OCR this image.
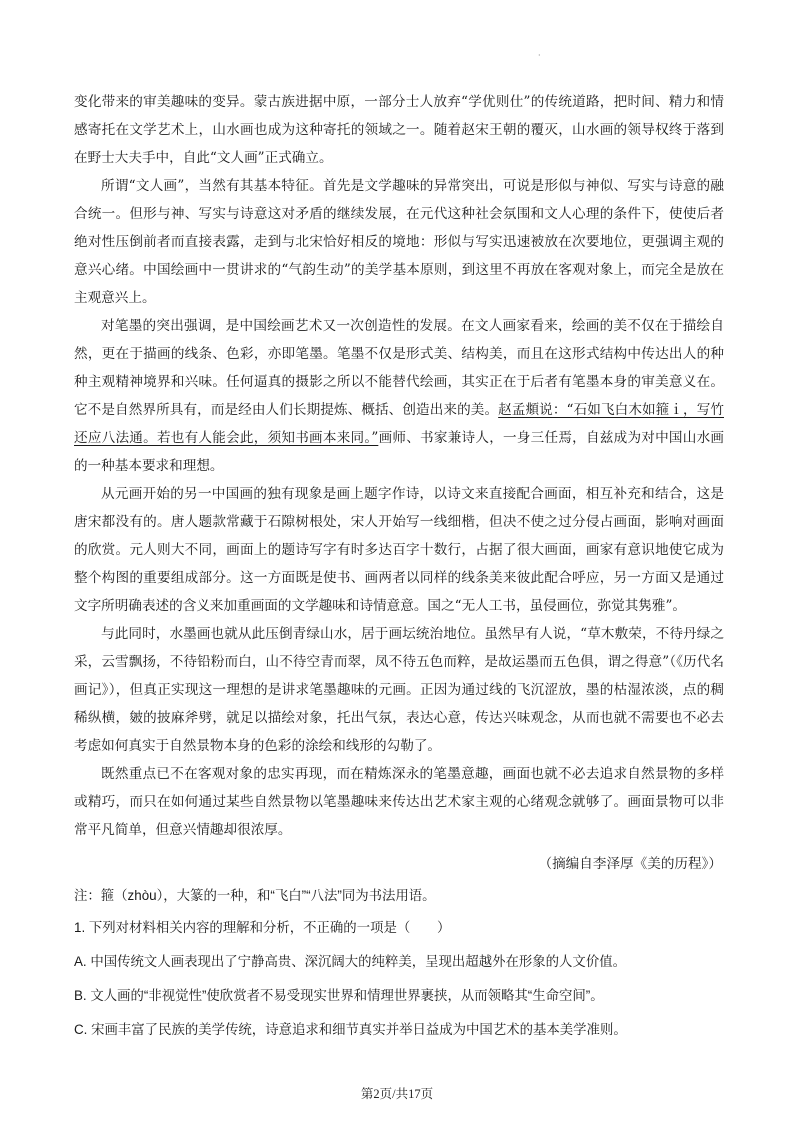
·

变化带来的审美趣味的变异。蒙古族进据中原，一部分士人放弃“学优则仕”的传统道路，把时间、精力和情感寄托在文学艺术上，山水画也成为这种寄托的领域之一。随着赵宋王朝的覆灭，山水画的领导权终于落到在野士大夫手中，自此“文人画”正式确立。

所谓“文人画”，当然有其基本特征。首先是文学趣味的异常突出，可说是形似与神似、写实与诗意的融合统一。但形与神、写实与诗意这对矛盾的继续发展，在元代这种社会氛围和文人心理的条件下，使使后者绝对性压倒前者而直接表露，走到与北宋恰好相反的境地：形似与写实迅速被放在次要地位，更强调主观的意兴心绪。中国绘画中一贯讲求的“气韵生动”的美学基本原则，到这里不再放在客观对象上，而完全是放在主观意兴上。

对笔墨的突出强调，是中国绘画艺术又一次创造性的发展。在文人画家看来，绘画的美不仅在于描绘自然，更在于描画的线条、色彩，亦即笔墨。笔墨不仅是形式美、结构美，而且在这形式结构中传达出人的种种主观精神境界和兴味。任何逼真的摄影之所以不能替代绘画，其实正在于后者有笔墨本身的审美意义在。它不是自然界所具有，而是经由人们长期提炼、概括、创造出来的美。赵孟頫说：“石如飞白木如箍ｉ，写竹还应八法通。若也有人能会此，须知书画本来同。”画师、书家兼诗人，一身三任焉，自兹成为对中国山水画的一种基本要求和理想。

从元画开始的另一中国画的独有现象是画上题字作诗，以诗文来直接配合画面，相互补充和结合，这是唐宋都没有的。唐人题款常藏于石隙树根处，宋人开始写一线细楷，但决不使之过分侵占画面，影响对画面的欣赏。元人则大不同，画面上的题诗写字有时多达百字十数行，占据了很大画面，画家有意识地使它成为整个构图的重要组成部分。这一方面既是使书、画两者以同样的线条美来彼此配合呼应，另一方面又是通过文字所明确表述的含义来加重画面的文学趣味和诗情意意。国之“无人工书，虽侵画位，弥觉其隽雅”。

与此同时，水墨画也就从此压倒青绿山水，居于画坛统治地位。虽然早有人说，“草木敷荣，不待丹绿之采，云雪飘扬，不待铅粉而白，山不待空青而翠，凤不待五色而粹，是故运墨而五色俱，谓之得意”（《历代名画记》），但真正实现这一理想的是讲求笔墨趣味的元画。正因为通过线的飞沉涩放，墨的枯湿浓淡，点的稠稀纵横，皴的披麻斧劈，就足以描绘对象，托出气氛，表达心意，传达兴味观念，从而也就不需要也不必去考虑如何真实于自然景物本身的色彩的涂绘和线形的勾勒了。

既然重点已不在客观对象的忠实再现，而在精炼深永的笔墨意趣，画面也就不必去追求自然景物的多样或精巧，而只在如何通过某些自然景物以笔墨趣味来传达出艺术家主观的心绪观念就够了。画面景物可以非常平凡简单，但意兴情趣却很浓厚。

（摘编自李泽厚《美的历程》）

注：箍（zhòu），大篆的一种，和“飞白”“八法”同为书法用语。

1. 下列对材料相关内容的理解和分析，不正确的一项是（　　）

A. 中国传统文人画表现出了宁静高贵、深沉阔大的纯粹美，呈现出超越外在形象的人文价值。

B. 文人画的“非视觉性”使欣赏者不易受现实世界和情理世界裹挟，从而领略其“生命空间”。

C. 宋画丰富了民族的美学传统，诗意追求和细节真实并举日益成为中国艺术的基本美学准则。

第2页/共17页
